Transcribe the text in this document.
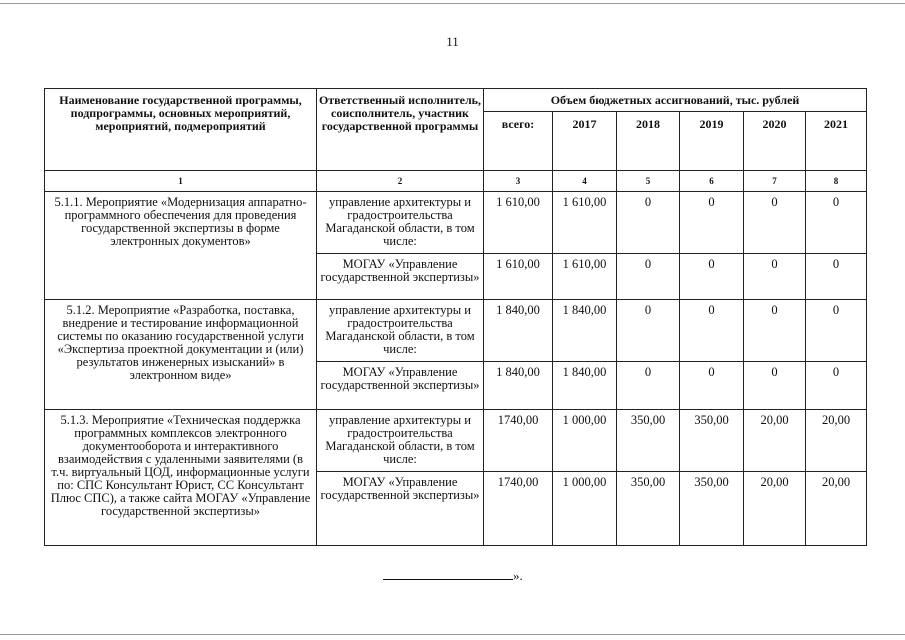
11
Наименование государственной программы, подпрограммы, основных мероприятий, мероприятий, подмероприятий	Ответственный исполнитель, соисполнитель, участник государственной программы	Объем бюджетных ассигнований, тыс. рублей					
		всего:	2017	2018	2019	2020	2021
1	2	3	4	5	6	7	8
5.1.1. Мероприятие «Модернизация аппаратно-программного обеспечения для проведения государственной экспертизы в форме электронных документов»	управление архитектуры и градостроительства Магаданской области, в том числе:	1 610,00	1 610,00	0	0	0	0
	МОГАУ «Управление государственной экспертизы»	1 610,00	1 610,00	0	0	0	0
5.1.2. Мероприятие «Разработка, поставка, внедрение и тестирование информационной системы по оказанию государственной услуги «Экспертиза проектной документации и (или) результатов инженерных изысканий» в электронном виде»	управление архитектуры и градостроительства Магаданской области, в том числе:	1 840,00	1 840,00	0	0	0	0
	МОГАУ «Управление государственной экспертизы»	1 840,00	1 840,00	0	0	0	0
5.1.3. Мероприятие «Техническая поддержка программных комплексов электронного документооборота и интерактивного взаимодействия с удаленными заявителями (в т.ч. виртуальный ЦОД, информационные услуги по: СПС Консультант Юрист, СС Консультант Плюс СПС), а также сайта МОГАУ «Управление государственной экспертизы»	управление архитектуры и градостроительства Магаданской области, в том числе:	1740,00	1 000,00	350,00	350,00	20,00	20,00
	МОГАУ «Управление государственной экспертизы»	1740,00	1 000,00	350,00	350,00	20,00	20,00
».
